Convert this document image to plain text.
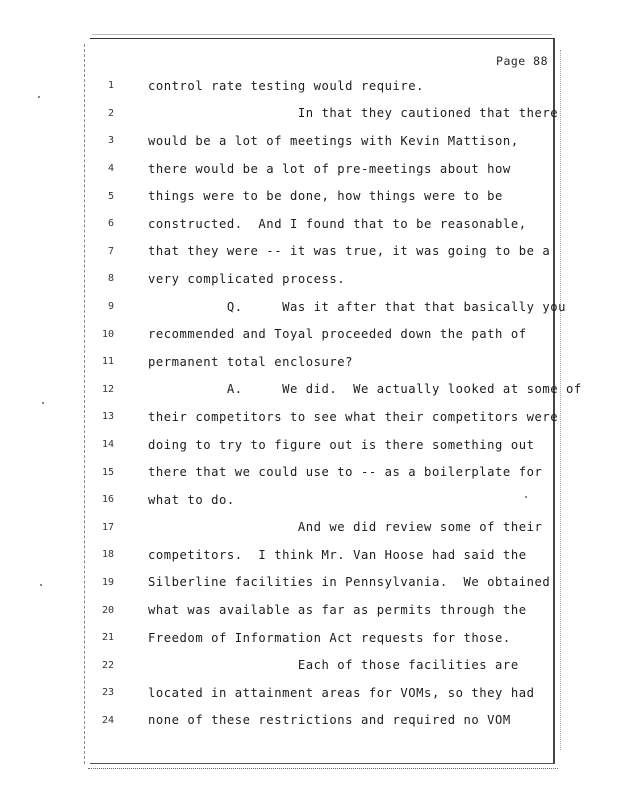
Page 88
1	control rate testing would require.
2	In that they cautioned that there
3	would be a lot of meetings with Kevin Mattison,
4	there would be a lot of pre-meetings about how
5	things were to be done, how things were to be
6	constructed.  And I found that to be reasonable,
7	that they were -- it was true, it was going to be a
8	very complicated process.
9	Q.     Was it after that that basically you
10	recommended and Toyal proceeded down the path of
11	permanent total enclosure?
12	A.     We did.  We actually looked at some of
13	their competitors to see what their competitors were
14	doing to try to figure out is there something out
15	there that we could use to -- as a boilerplate for
16	what to do.
17	And we did review some of their
18	competitors.  I think Mr. Van Hoose had said the
19	Silberline facilities in Pennsylvania.  We obtained
20	what was available as far as permits through the
21	Freedom of Information Act requests for those.
22	Each of those facilities are
23	located in attainment areas for VOMs, so they had
24	none of these restrictions and required no VOM
